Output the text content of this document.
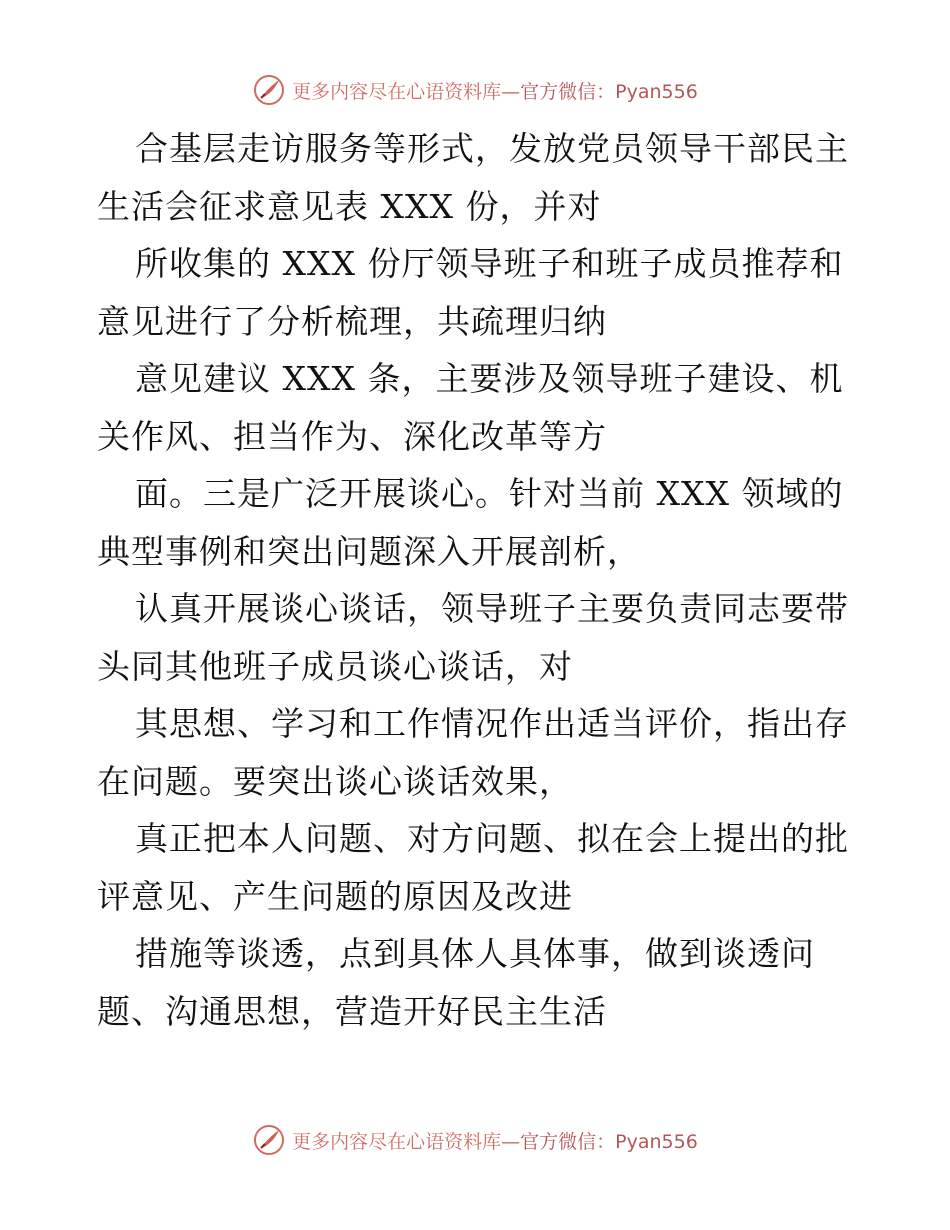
更多内容尽在心语资料库—官方微信：Pyan556

合基层走访服务等形式，发放党员领导干部民主
生活会征求意见表 XXX 份，并对

所收集的 XXX 份厅领导班子和班子成员推荐和
意见进行了分析梳理，共疏理归纳

意见建议 XXX 条，主要涉及领导班子建设、机
关作风、担当作为、深化改革等方

面。三是广泛开展谈心。针对当前 XXX 领域的
典型事例和突出问题深入开展剖析，

认真开展谈心谈话，领导班子主要负责同志要带
头同其他班子成员谈心谈话，对

其思想、学习和工作情况作出适当评价，指出存
在问题。要突出谈心谈话效果，

真正把本人问题、对方问题、拟在会上提出的批
评意见、产生问题的原因及改进

措施等谈透，点到具体人具体事，做到谈透问
题、沟通思想，营造开好民主生活

更多内容尽在心语资料库—官方微信：Pyan556
